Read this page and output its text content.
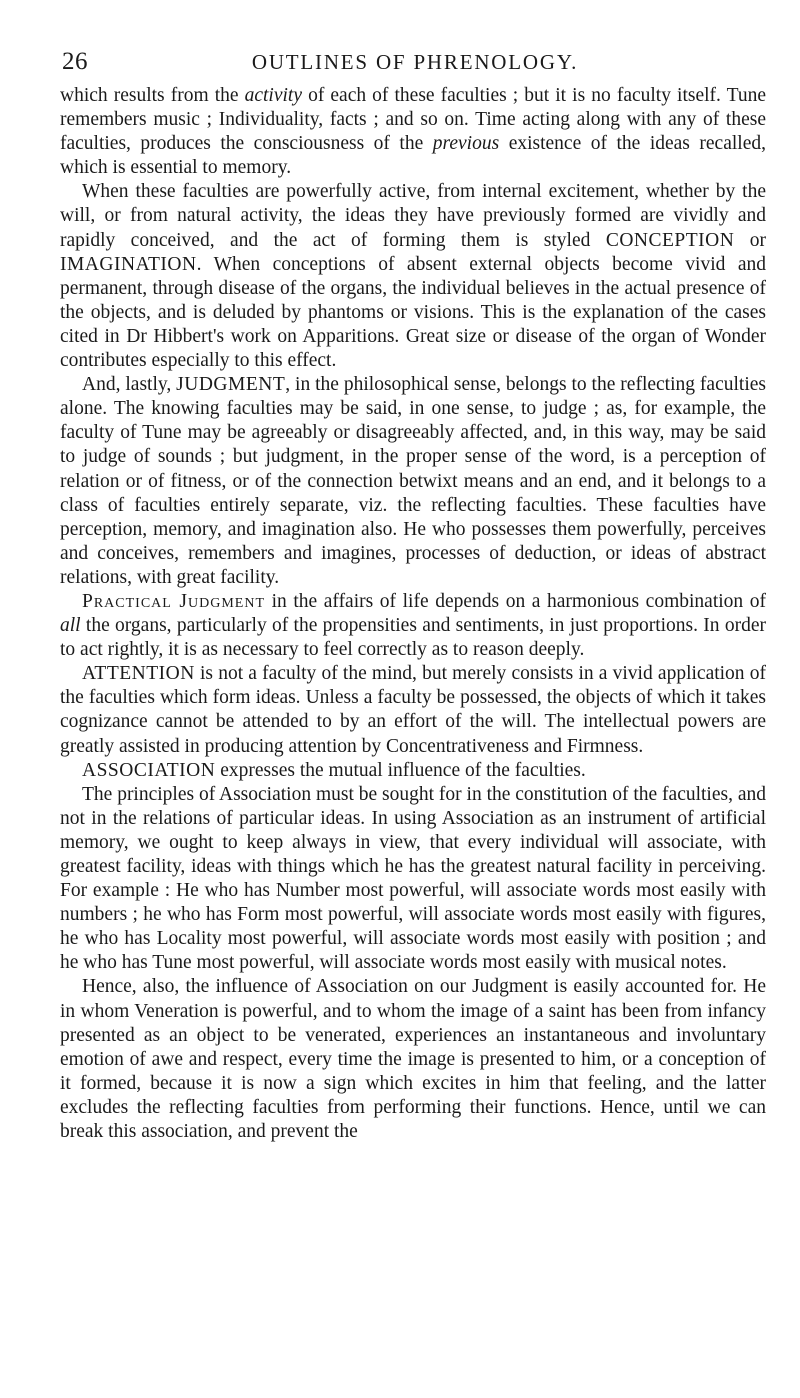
26	OUTLINES OF PHRENOLOGY.

which results from the activity of each of these faculties ; but it is no faculty itself. Tune remembers music ; Individuality, facts ; and so on. Time acting along with any of these faculties, produces the consciousness of the previous existence of the ideas recalled, which is essential to memory.

When these faculties are powerfully active, from internal excitement, whether by the will, or from natural activity, the ideas they have previously formed are vividly and rapidly conceived, and the act of forming them is styled CONCEPTION or IMAGINATION. When conceptions of absent external objects become vivid and permanent, through disease of the organs, the individual believes in the actual presence of the objects, and is deluded by phantoms or visions. This is the explanation of the cases cited in Dr Hibbert's work on Apparitions. Great size or disease of the organ of Wonder contributes especially to this effect.

And, lastly, JUDGMENT, in the philosophical sense, belongs to the reflecting faculties alone. The knowing faculties may be said, in one sense, to judge ; as, for example, the faculty of Tune may be agreeably or disagreeably affected, and, in this way, may be said to judge of sounds ; but judgment, in the proper sense of the word, is a perception of relation or of fitness, or of the connection betwixt means and an end, and it belongs to a class of faculties entirely separate, viz. the reflecting faculties. These faculties have perception, memory, and imagination also. He who possesses them powerfully, perceives and conceives, remembers and imagines, processes of deduction, or ideas of abstract relations, with great facility.

Practical Judgment in the affairs of life depends on a harmonious combination of all the organs, particularly of the propensities and sentiments, in just proportions. In order to act rightly, it is as necessary to feel correctly as to reason deeply.

ATTENTION is not a faculty of the mind, but merely consists in a vivid application of the faculties which form ideas. Unless a faculty be possessed, the objects of which it takes cognizance cannot be attended to by an effort of the will. The intellectual powers are greatly assisted in producing attention by Concentrativeness and Firmness.

ASSOCIATION expresses the mutual influence of the faculties.

The principles of Association must be sought for in the constitution of the faculties, and not in the relations of particular ideas. In using Association as an instrument of artificial memory, we ought to keep always in view, that every individual will associate, with greatest facility, ideas with things which he has the greatest natural facility in perceiving. For example : He who has Number most powerful, will associate words most easily with numbers ; he who has Form most powerful, will associate words most easily with figures, he who has Locality most powerful, will associate words most easily with position ; and he who has Tune most powerful, will associate words most easily with musical notes.

Hence, also, the influence of Association on our Judgment is easily accounted for. He in whom Veneration is powerful, and to whom the image of a saint has been from infancy presented as an object to be venerated, experiences an instantaneous and involuntary emotion of awe and respect, every time the image is presented to him, or a conception of it formed, because it is now a sign which excites in him that feeling, and the latter excludes the reflecting faculties from performing their functions. Hence, until we can break this association, and prevent the
